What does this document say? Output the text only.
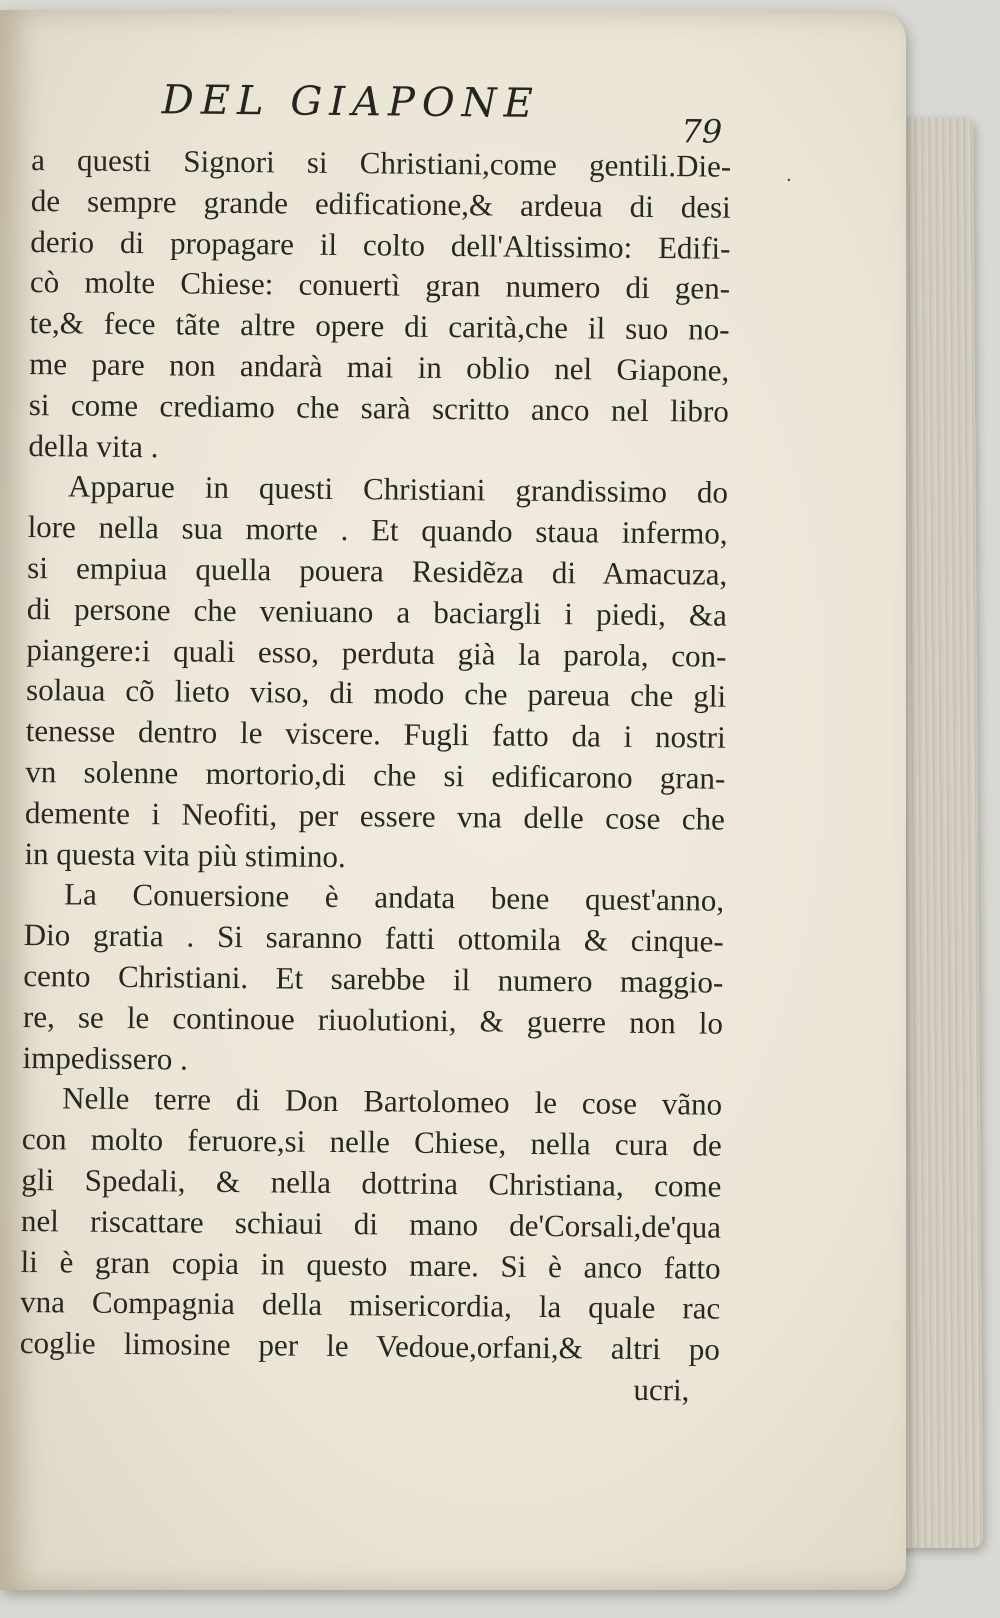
DEL GIAPONE
79
a questi Signori si Christiani,come gentili.Die-
de sempre grande edificatione,& ardeua di desi
derio di propagare il colto dell'Altissimo: Edifi-
cò molte Chiese: conuertì gran numero di gen-
te,& fece tãte altre opere di carità,che il suo no-
me pare non andarà mai in oblio nel Giapone,
si come crediamo che sarà scritto anco nel libro
della vita .
Apparue in questi Christiani grandissimo do
lore nella sua morte . Et quando staua infermo,
si empiua quella pouera Residẽza di Amacuza,
di persone che veniuano a baciargli i piedi, &a
piangere:i quali esso, perduta già la parola, con-
solaua cõ lieto viso, di modo che pareua che gli
tenesse dentro le viscere. Fugli fatto da i nostri
vn solenne mortorio,di che si edificarono gran-
demente i Neofiti, per essere vna delle cose che
in questa vita più stimino.
La Conuersione è andata bene quest'anno,
Dio gratia . Si saranno fatti ottomila & cinque-
cento Christiani. Et sarebbe il numero maggio-
re, se le continoue riuolutioni, & guerre non lo
impedissero .
Nelle terre di Don Bartolomeo le cose vãno
con molto feruore,si nelle Chiese, nella cura de
gli Spedali, & nella dottrina Christiana, come
nel riscattare schiaui di mano de'Corsali,de'qua
li è gran copia in questo mare. Si è anco fatto
vna Compagnia della misericordia, la quale rac
coglie limosine per le Vedoue,orfani,& altri po
ucri,
·
